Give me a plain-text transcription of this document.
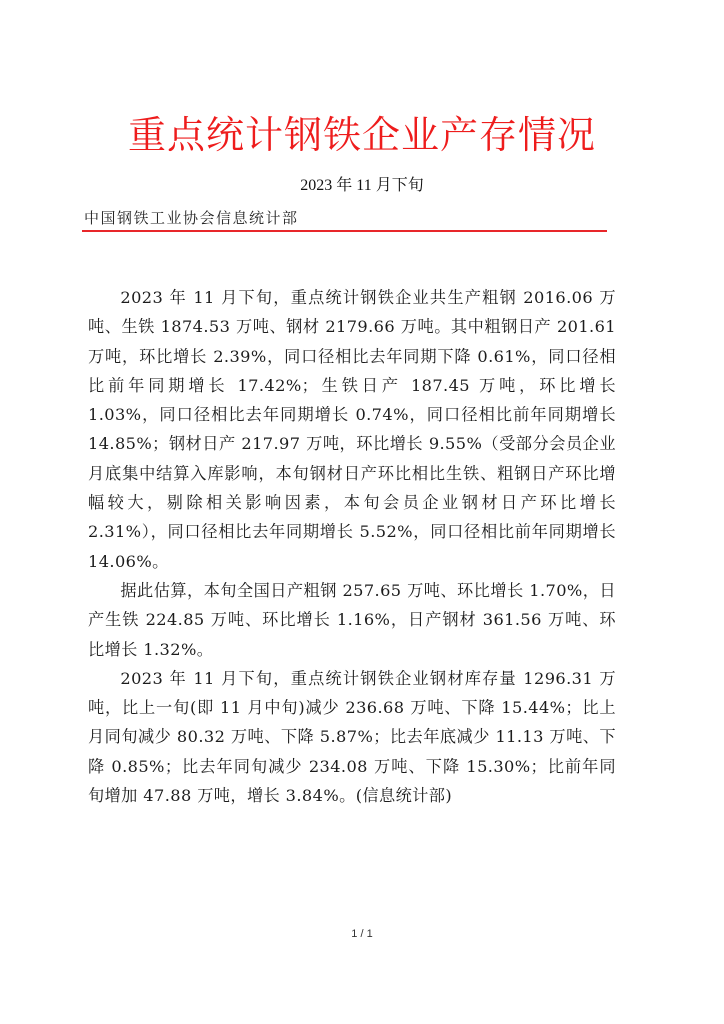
重点统计钢铁企业产存情况
2023 年 11 月下旬
中国钢铁工业协会信息统计部

2023 年 11 月下旬，重点统计钢铁企业共生产粗钢 2016.06 万吨、生铁 1874.53 万吨、钢材 2179.66 万吨。其中粗钢日产 201.61 万吨，环比增长 2.39%，同口径相比去年同期下降 0.61%，同口径相比前年同期增长 17.42%；生铁日产 187.45 万吨，环比增长 1.03%，同口径相比去年同期增长 0.74%，同口径相比前年同期增长 14.85%；钢材日产 217.97 万吨，环比增长 9.55%（受部分会员企业月底集中结算入库影响，本旬钢材日产环比相比生铁、粗钢日产环比增幅较大，剔除相关影响因素，本旬会员企业钢材日产环比增长 2.31%），同口径相比去年同期增长 5.52%，同口径相比前年同期增长 14.06%。

据此估算，本旬全国日产粗钢 257.65 万吨、环比增长 1.70%，日产生铁 224.85 万吨、环比增长 1.16%，日产钢材 361.56 万吨、环比增长 1.32%。

2023 年 11 月下旬，重点统计钢铁企业钢材库存量 1296.31 万吨，比上一旬(即 11 月中旬)减少 236.68 万吨、下降 15.44%；比上月同旬减少 80.32 万吨、下降 5.87%；比去年底减少 11.13 万吨、下降 0.85%；比去年同旬减少 234.08 万吨、下降 15.30%；比前年同旬增加 47.88 万吨，增长 3.84%。(信息统计部)

1 / 1
